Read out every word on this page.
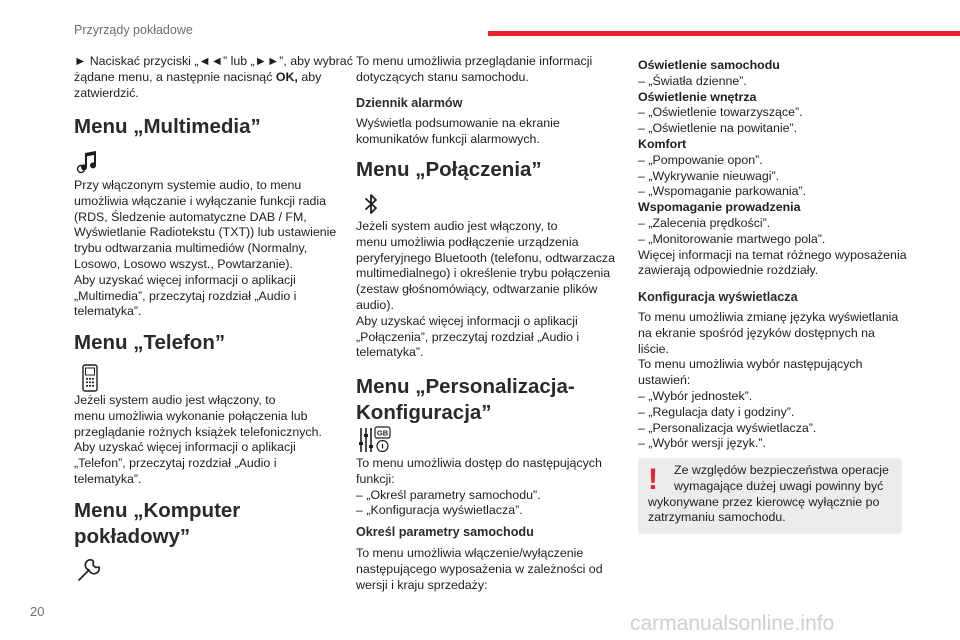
Przyrządy pokładowe
20
carmanualsonline.info
► Naciskać przyciski „◄◄” lub „►►”, aby wybrać
żądane menu, a następnie nacisnąć OK, aby
zatwierdzić.
Menu „Multimedia”
Przy włączonym systemie audio, to menu
umożliwia włączanie i wyłączanie funkcji radia
(RDS, Śledzenie automatyczne DAB / FM,
Wyświetlanie Radiotekstu (TXT)) lub ustawienie
trybu odtwarzania multimediów (Normalny,
Losowo, Losowo wszyst., Powtarzanie).
Aby uzyskać więcej informacji o aplikacji
„Multimedia”, przeczytaj rozdział „Audio i
telematyka”.
Menu „Telefon”
Jeżeli system audio jest włączony, to
menu umożliwia wykonanie połączenia lub
przeglądanie rożnych książek telefonicznych.
Aby uzyskać więcej informacji o aplikacji
„Telefon”, przeczytaj rozdział „Audio i
telematyka”.
Menu „Komputer
pokładowy”
To menu umożliwia przeglądanie informacji
dotyczących stanu samochodu.
Dziennik alarmów
Wyświetla podsumowanie na ekranie
komunikatów funkcji alarmowych.
Menu „Połączenia”
Jeżeli system audio jest włączony, to
menu umożliwia podłączenie urządzenia
peryferyjnego Bluetooth (telefonu, odtwarzacza
multimedialnego) i określenie trybu połączenia
(zestaw głośnomówiący, odtwarzanie plików
audio).
Aby uzyskać więcej informacji o aplikacji
„Połączenia”, przeczytaj rozdział „Audio i
telematyka”.
Menu „Personalizacja-
Konfiguracja”
GB
To menu umożliwia dostęp do następujących
funkcji:
– „Określ parametry samochodu”.
– „Konfiguracja wyświetlacza”.
Określ parametry samochodu
To menu umożliwia włączenie/wyłączenie
następującego wyposażenia w zależności od
wersji i kraju sprzedaży:
Oświetlenie samochodu
– „Światła dzienne”.
Oświetlenie wnętrza
– „Oświetlenie towarzyszące”.
– „Oświetlenie na powitanie”.
Komfort
– „Pompowanie opon”.
– „Wykrywanie nieuwagi”.
– „Wspomaganie parkowania”.
Wspomaganie prowadzenia
– „Zalecenia prędkości”.
– „Monitorowanie martwego pola”.
Więcej informacji na temat różnego wyposażenia
zawierają odpowiednie rozdziały.
Konfiguracja wyświetlacza
To menu umożliwia zmianę języka wyświetlania
na ekranie spośród języków dostępnych na
liście.
To menu umożliwia wybór następujących
ustawień:
– „Wybór jednostek”.
– „Regulacja daty i godziny”.
– „Personalizacja wyświetlacza”.
– „Wybór wersji język.”.
!	Ze względów bezpieczeństwa operacje
wymagające dużej uwagi powinny być
wykonywane przez kierowcę wyłącznie po
zatrzymaniu samochodu.
